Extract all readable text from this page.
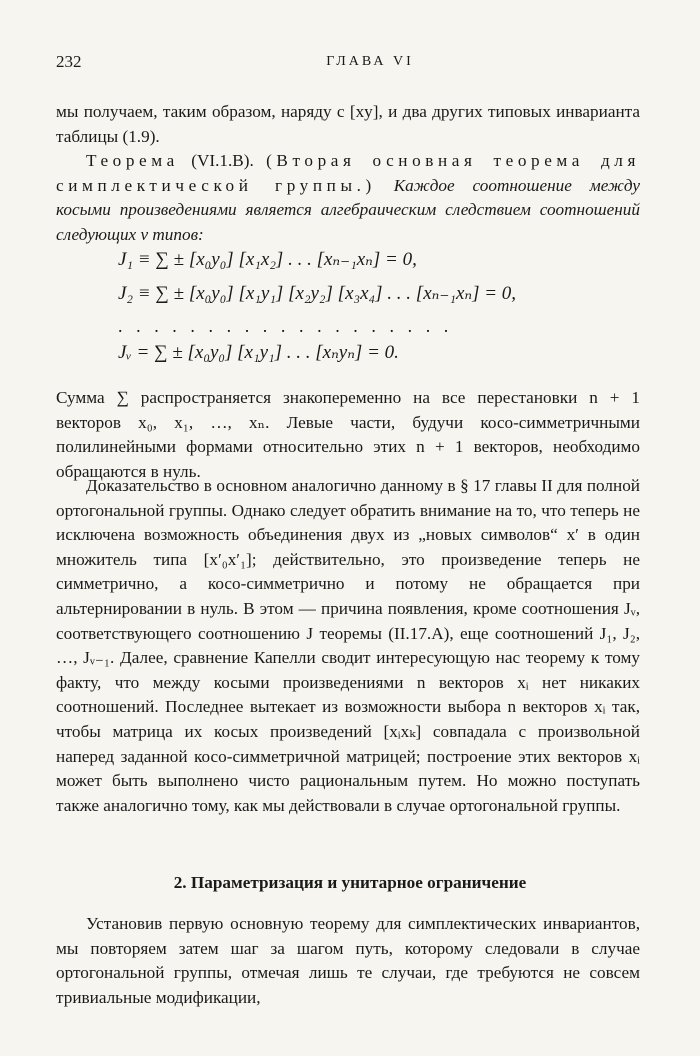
232	ГЛАВА VI

мы получаем, таким образом, наряду с [xy], и два других типовых инварианта таблицы (1.9).

Теорема (VI.1.B). (Вторая основная теорема для симплектической группы.) Каждое соотношение между косыми произведениями является алгебраическим следствием соотношений следующих ν типов:

J₁ ≡ ∑ ± [x₀y₀] [x₁x₂] . . . [xₙ₋₁xₙ] = 0,
J₂ ≡ ∑ ± [x₀y₀] [x₁y₁] [x₂y₂] [x₃x₄] . . . [xₙ₋₁xₙ] = 0,
...................
Jᵥ = ∑ ± [x₀y₀] [x₁y₁] . . . [xₙyₙ] = 0.

Сумма ∑ распространяется знакопеременно на все перестановки n + 1 векторов x₀, x₁, …, xₙ. Левые части, будучи косо-симметричными полилинейными формами относительно этих n + 1 векторов, необходимо обращаются в нуль.

Доказательство в основном аналогично данному в § 17 главы II для полной ортогональной группы. Однако следует обратить внимание на то, что теперь не исключена возможность объединения двух из „новых символов“ x′ в один множитель типа [x′₀x′₁]; действительно, это произведение теперь не симметрично, а косо-симметрично и потому не обращается при альтернировании в нуль. В этом — причина появления, кроме соотношения Jᵥ, соответствующего соотношению J теоремы (II.17.A), еще соотношений J₁, J₂, …, Jᵥ₋₁. Далее, сравнение Капелли сводит интересующую нас теорему к тому факту, что между косыми произведениями n векторов xᵢ нет никаких соотношений. Последнее вытекает из возможности выбора n векторов xᵢ так, чтобы матрица их косых произведений [xᵢxₖ] совпадала с произвольной наперед заданной косо-симметричной матрицей; построение этих векторов xᵢ может быть выполнено чисто рациональным путем. Но можно поступать также аналогично тому, как мы действовали в случае ортогональной группы.

2. Параметризация и унитарное ограничение

Установив первую основную теорему для симплектических инвариантов, мы повторяем затем шаг за шагом путь, которому следовали в случае ортогональной группы, отмечая лишь те случаи, где требуются не совсем тривиальные модификации,
